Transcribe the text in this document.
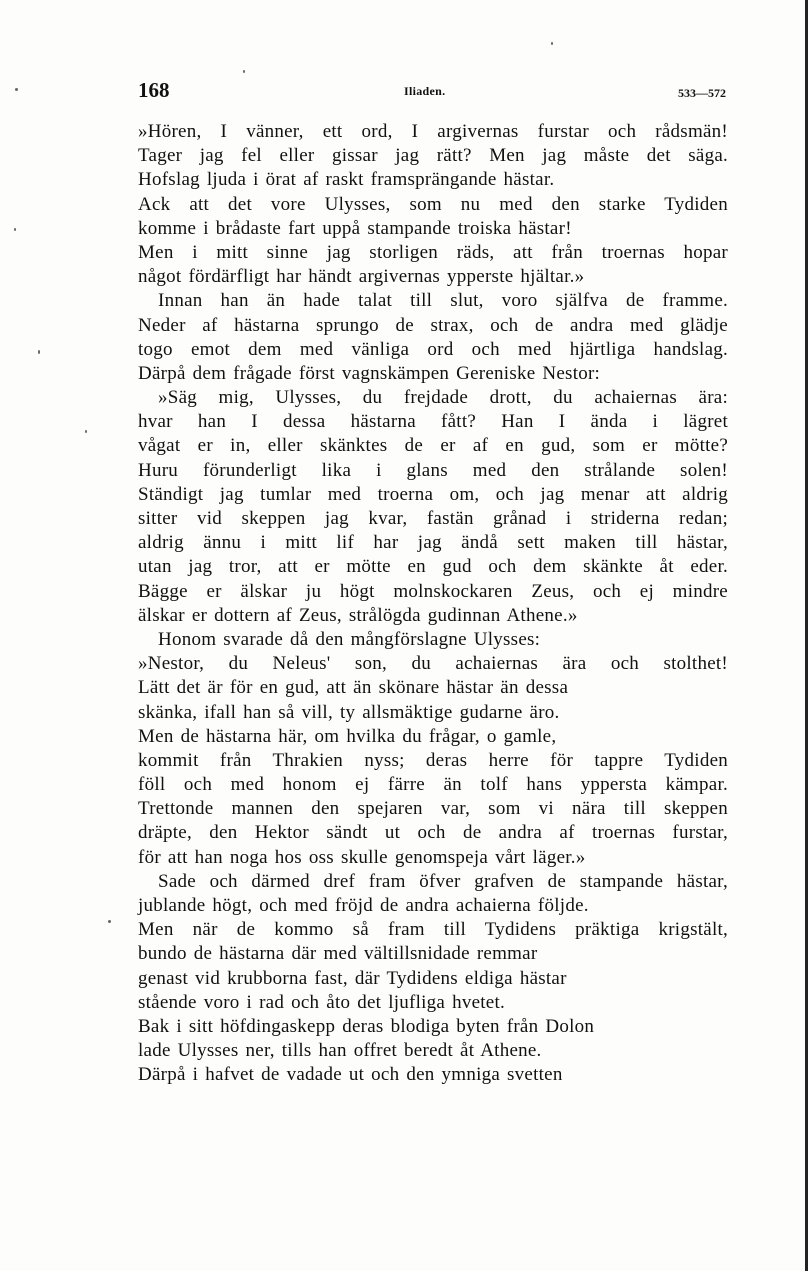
168	Iliaden.	533—572
»Hören, I vänner, ett ord, I argivernas furstar och rådsmän!
Tager jag fel eller gissar jag rätt? Men jag måste det säga.
Hofslag ljuda i örat af raskt framsprängande hästar.
Ack att det vore Ulysses, som nu med den starke Tydiden
komme i brådaste fart uppå stampande troiska hästar!
Men i mitt sinne jag storligen räds, att från troernas hopar
något fördärfligt har händt argivernas ypperste hjältar.»
Innan han än hade talat till slut, voro själfva de framme.
Neder af hästarna sprungo de strax, och de andra med glädje
togo emot dem med vänliga ord och med hjärtliga handslag.
Därpå dem frågade först vagnskämpen Gereniske Nestor:
»Säg mig, Ulysses, du frejdade drott, du achaiernas ära:
hvar han I dessa hästarna fått? Han I ända i lägret
vågat er in, eller skänktes de er af en gud, som er mötte?
Huru förunderligt lika i glans med den strålande solen!
Ständigt jag tumlar med troerna om, och jag menar att aldrig
sitter vid skeppen jag kvar, fastän grånad i striderna redan;
aldrig ännu i mitt lif har jag ändå sett maken till hästar,
utan jag tror, att er mötte en gud och dem skänkte åt eder.
Bägge er älskar ju högt molnskockaren Zeus, och ej mindre
älskar er dottern af Zeus, strålögda gudinnan Athene.»
Honom svarade då den mångförslagne Ulysses:
»Nestor, du Neleus' son, du achaiernas ära och stolthet!
Lätt det är för en gud, att än skönare hästar än dessa
skänka, ifall han så vill, ty allsmäktige gudarne äro.
Men de hästarna här, om hvilka du frågar, o gamle,
kommit från Thrakien nyss; deras herre för tappre Tydiden
föll och med honom ej färre än tolf hans yppersta kämpar.
Trettonde mannen den spejaren var, som vi nära till skeppen
dräpte, den Hektor sändt ut och de andra af troernas furstar,
för att han noga hos oss skulle genomspeja vårt läger.»
Sade och därmed dref fram öfver grafven de stampande hästar,
jublande högt, och med fröjd de andra achaierna följde.
Men när de kommo så fram till Tydidens präktiga krigstält,
bundo de hästarna där med vältillsnidade remmar
genast vid krubborna fast, där Tydidens eldiga hästar
stående voro i rad och åto det ljufliga hvetet.
Bak i sitt höfdingaskepp deras blodiga byten från Dolon
lade Ulysses ner, tills han offret beredt åt Athene.
Därpå i hafvet de vadade ut och den ymniga svetten
